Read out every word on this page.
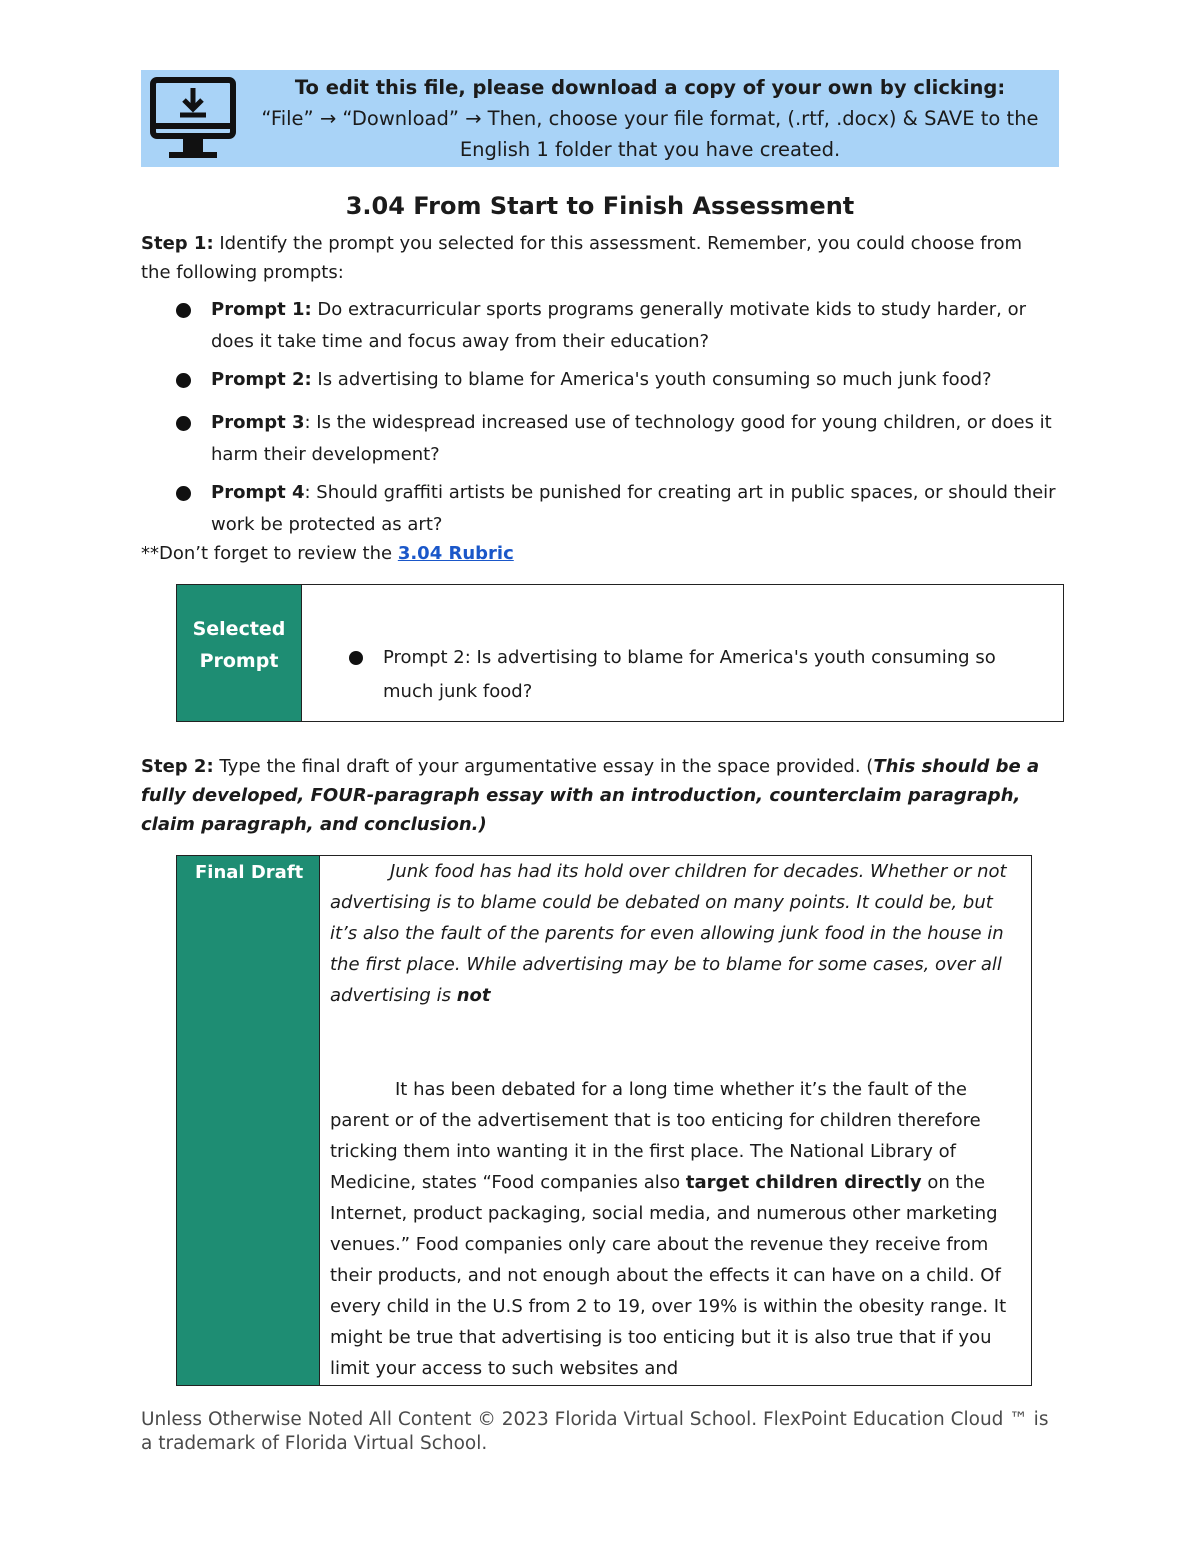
To edit this file, please download a copy of your own by clicking:
“File” → “Download” → Then, choose your file format, (.rtf, .docx) & SAVE to the
English 1 folder that you have created.
3.04 From Start to Finish Assessment
Step 1: Identify the prompt you selected for this assessment. Remember, you could choose from the following prompts:
Prompt 1: Do extracurricular sports programs generally motivate kids to study harder, or does it take time and focus away from their education?
Prompt 2: Is advertising to blame for America's youth consuming so much junk food?
Prompt 3: Is the widespread increased use of technology good for young children, or does it harm their development?
Prompt 4: Should graffiti artists be punished for creating art in public spaces, or should their work be protected as art?
**Don’t forget to review the 3.04 Rubric
Selected Prompt	Prompt 2: Is advertising to blame for America's youth consuming so much junk food?
Step 2: Type the final draft of your argumentative essay in the space provided. (This should be a fully developed, FOUR-paragraph essay with an introduction, counterclaim paragraph, claim paragraph, and conclusion.)
Final Draft	Junk food has had its hold over children for decades. Whether or not advertising is to blame could be debated on many points. It could be, but it’s also the fault of the parents for even allowing junk food in the house in the first place. While advertising may be to blame for some cases, over all advertising is not

It has been debated for a long time whether it’s the fault of the parent or of the advertisement that is too enticing for children therefore tricking them into wanting it in the first place. The National Library of Medicine, states “Food companies also target children directly on the Internet, product packaging, social media, and numerous other marketing venues.” Food companies only care about the revenue they receive from their products, and not enough about the effects it can have on a child. Of every child in the U.S from 2 to 19, over 19% is within the obesity range. It might be true that advertising is too enticing but it is also true that if you limit your access to such websites and

Unless Otherwise Noted All Content © 2023 Florida Virtual School. FlexPoint Education Cloud ™ is a trademark of Florida Virtual School.
